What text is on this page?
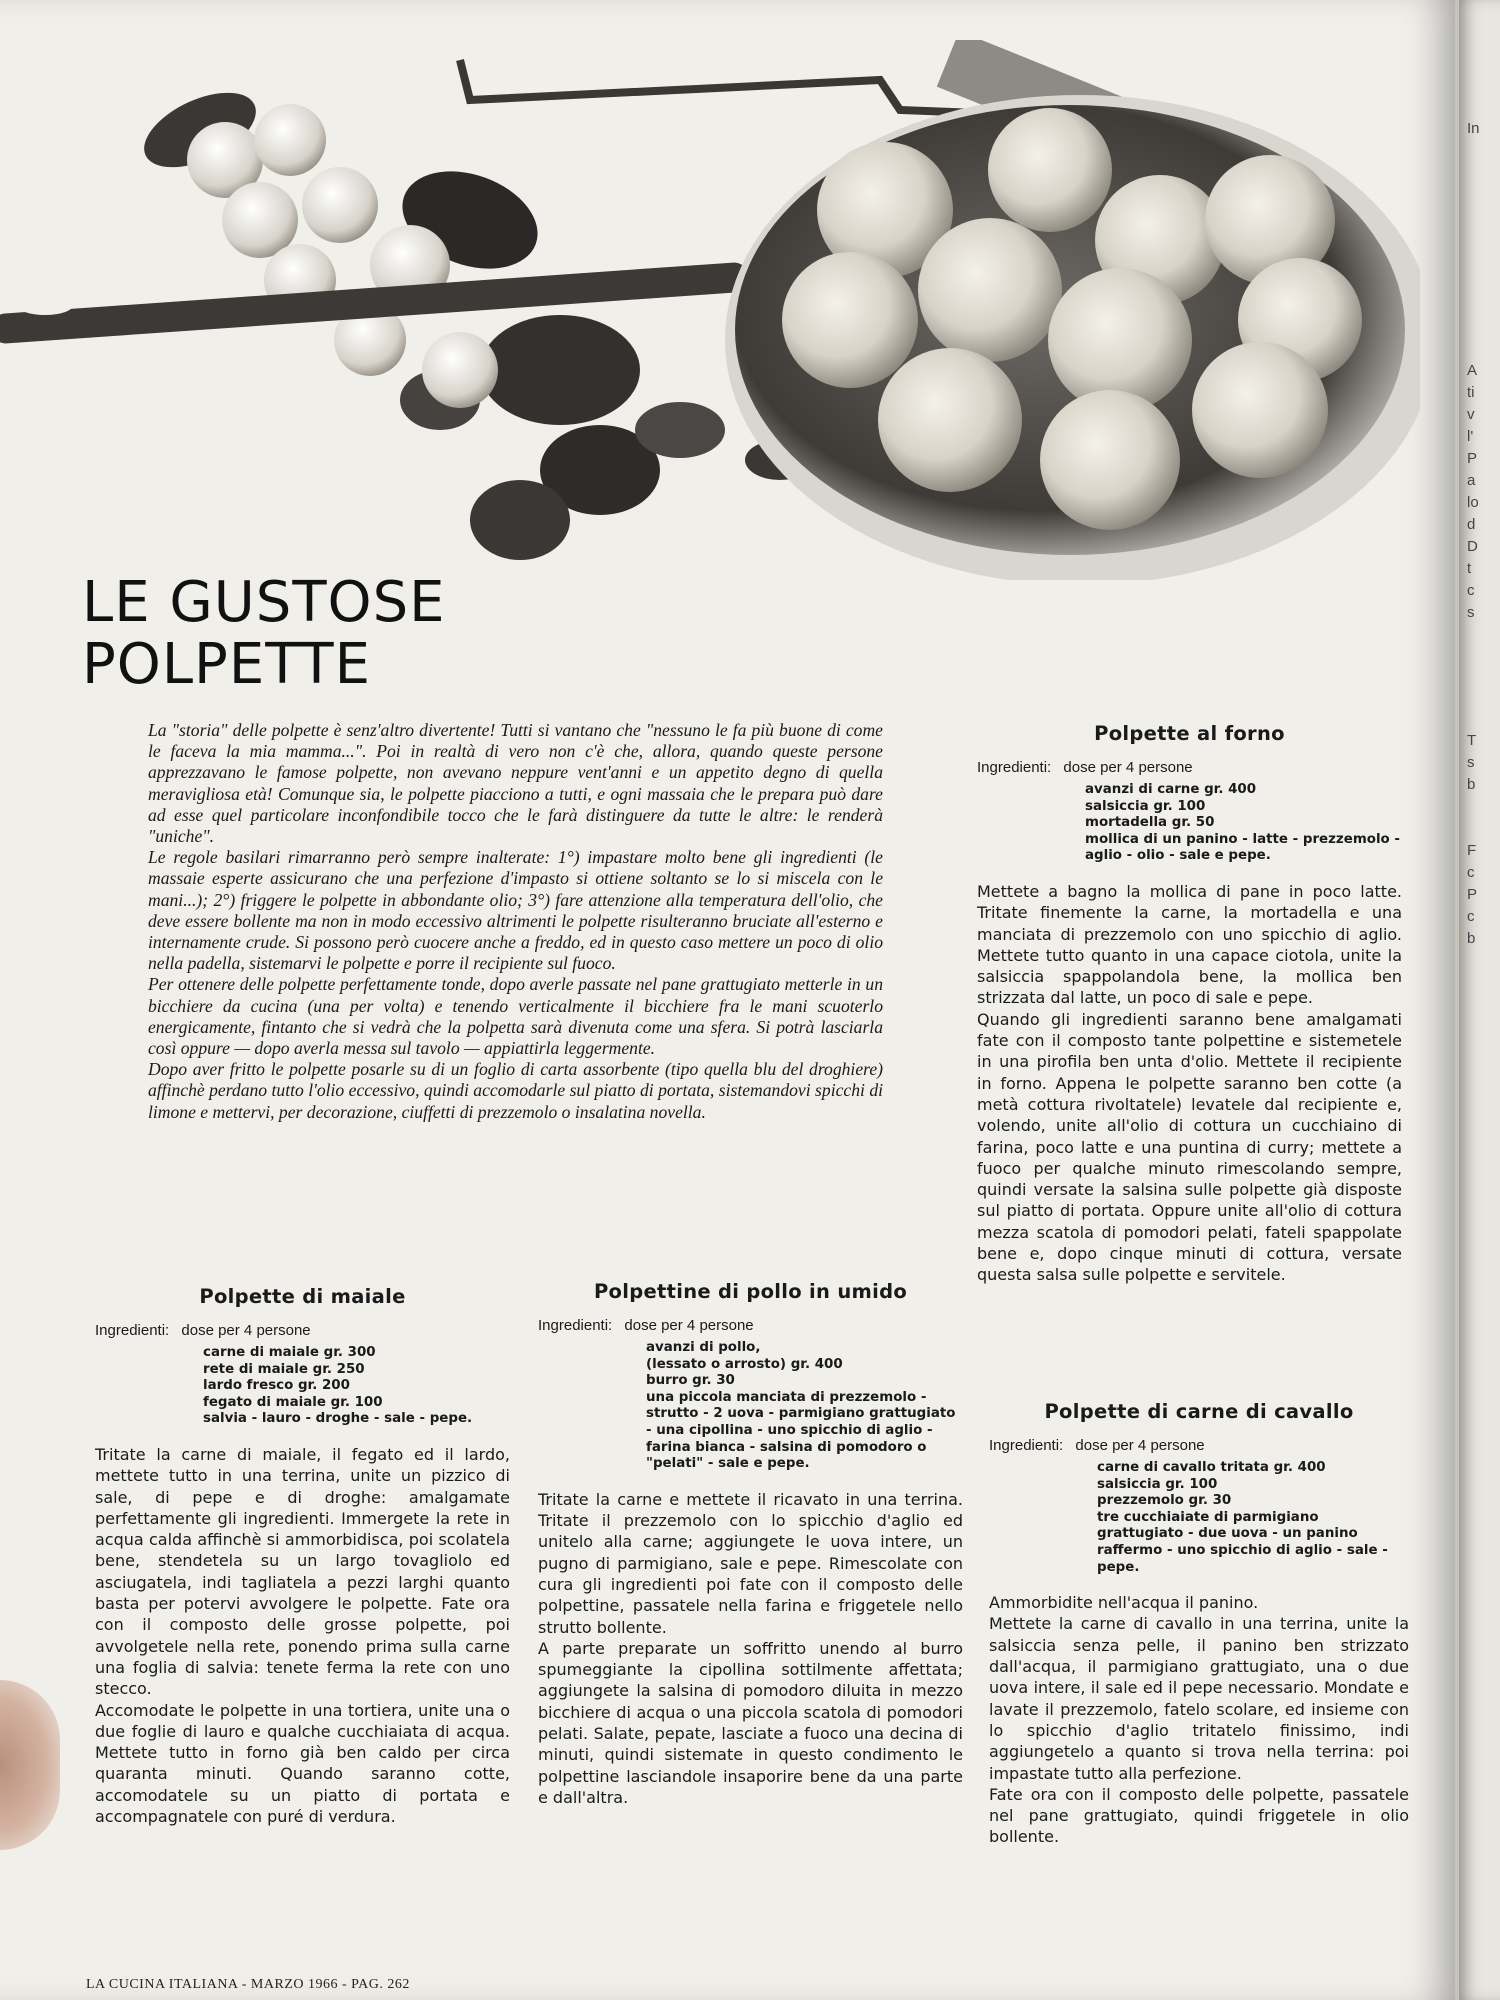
LE GUSTOSE
POLPETTE

La "storia" delle polpette è senz'altro divertente! Tutti si vantano che "nessuno le fa più buone di come le faceva la mia mamma...". Poi in realtà di vero non c'è che, allora, quando queste persone apprezzavano le famose polpette, non avevano neppure vent'anni e un appetito degno di quella meravigliosa età! Comunque sia, le polpette piacciono a tutti, e ogni massaia che le prepara può dare ad esse quel particolare inconfondibile tocco che le farà distinguere da tutte le altre: le renderà "uniche".

Le regole basilari rimarranno però sempre inalterate: 1°) impastare molto bene gli ingredienti (le massaie esperte assicurano che una perfezione d'impasto si ottiene soltanto se lo si miscela con le mani...); 2°) friggere le polpette in abbondante olio; 3°) fare attenzione alla temperatura dell'olio, che deve essere bollente ma non in modo eccessivo altrimenti le polpette risulteranno bruciate all'esterno e internamente crude. Si possono però cuocere anche a freddo, ed in questo caso mettere un poco di olio nella padella, sistemarvi le polpette e porre il recipiente sul fuoco.

Per ottenere delle polpette perfettamente tonde, dopo averle passate nel pane grattugiato metterle in un bicchiere da cucina (una per volta) e tenendo verticalmente il bicchiere fra le mani scuoterlo energicamente, fintanto che si vedrà che la polpetta sarà divenuta come una sfera. Si potrà lasciarla così oppure — dopo averla messa sul tavolo — appiattirla leggermente.

Dopo aver fritto le polpette posarle su di un foglio di carta assorbente (tipo quella blu del droghiere) affinchè perdano tutto l'olio eccessivo, quindi accomodarle sul piatto di portata, sistemandovi spicchi di limone e mettervi, per decorazione, ciuffetti di prezzemolo o insalatina novella.

Polpette al forno
Ingredienti: dose per 4 persone
avanzi di carne gr. 400
salsiccia gr. 100
mortadella gr. 50
mollica di un panino - latte - prezzemolo - aglio - olio - sale e pepe.

Mettete a bagno la mollica di pane in poco latte. Tritate finemente la carne, la mortadella e una manciata di prezzemolo con uno spicchio di aglio. Mettete tutto quanto in una capace ciotola, unite la salsiccia spappolandola bene, la mollica ben strizzata dal latte, un poco di sale e pepe.

Quando gli ingredienti saranno bene amalgamati fate con il composto tante polpettine e sistemetele in una pirofila ben unta d'olio. Mettete il recipiente in forno. Appena le polpette saranno ben cotte (a metà cottura rivoltatele) levatele dal recipiente e, volendo, unite all'olio di cottura un cucchiaino di farina, poco latte e una puntina di curry; mettete a fuoco per qualche minuto rimescolando sempre, quindi versate la salsina sulle polpette già disposte sul piatto di portata. Oppure unite all'olio di cottura mezza scatola di pomodori pelati, fateli spappolate bene e, dopo cinque minuti di cottura, versate questa salsa sulle polpette e servitele.

Polpette di carne di cavallo
Ingredienti: dose per 4 persone
carne di cavallo tritata gr. 400
salsiccia gr. 100
prezzemolo gr. 30
tre cucchiaiate di parmigiano grattugiato - due uova - un panino raffermo - uno spicchio di aglio - sale - pepe.

Ammorbidite nell'acqua il panino.

Mettete la carne di cavallo in una terrina, unite la salsiccia senza pelle, il panino ben strizzato dall'acqua, il parmigiano grattugiato, una o due uova intere, il sale ed il pepe necessario. Mondate e lavate il prezzemolo, fatelo scolare, ed insieme con lo spicchio d'aglio tritatelo finissimo, indi aggiungetelo a quanto si trova nella terrina: poi impastate tutto alla perfezione.

Fate ora con il composto delle polpette, passatele nel pane grattugiato, quindi friggetele in olio bollente.

Polpette di maiale
Ingredienti: dose per 4 persone
carne di maiale gr. 300
rete di maiale gr. 250
lardo fresco gr. 200
fegato di maiale gr. 100
salvia - lauro - droghe - sale - pepe.

Tritate la carne di maiale, il fegato ed il lardo, mettete tutto in una terrina, unite un pizzico di sale, di pepe e di droghe: amalgamate perfettamente gli ingredienti. Immergete la rete in acqua calda affinchè si ammorbidisca, poi scolatela bene, stendetela su un largo tovagliolo ed asciugatela, indi tagliatela a pezzi larghi quanto basta per potervi avvolgere le polpette. Fate ora con il composto delle grosse polpette, poi avvolgetele nella rete, ponendo prima sulla carne una foglia di salvia: tenete ferma la rete con uno stecco.

Accomodate le polpette in una tortiera, unite una o due foglie di lauro e qualche cucchiaiata di acqua. Mettete tutto in forno già ben caldo per circa quaranta minuti. Quando saranno cotte, accomodatele su un piatto di portata e accompagnatele con puré di verdura.

Polpettine di pollo in umido
Ingredienti: dose per 4 persone
avanzi di pollo,
(lessato o arrosto) gr. 400
burro gr. 30
una piccola manciata di prezzemolo - strutto - 2 uova - parmigiano grattugiato - una cipollina - uno spicchio di aglio - farina bianca - salsina di pomodoro o "pelati" - sale e pepe.

Tritate la carne e mettete il ricavato in una terrina. Tritate il prezzemolo con lo spicchio d'aglio ed unitelo alla carne; aggiungete le uova intere, un pugno di parmigiano, sale e pepe. Rimescolate con cura gli ingredienti poi fate con il composto delle polpettine, passatele nella farina e friggetele nello strutto bollente.

A parte preparate un soffritto unendo al burro spumeggiante la cipollina sottilmente affettata; aggiungete la salsina di pomodoro diluita in mezzo bicchiere di acqua o una piccola scatola di pomodori pelati. Salate, pepate, lasciate a fuoco una decina di minuti, quindi sistemate in questo condimento le polpettine lasciandole insaporire bene da una parte e dall'altra.

LA CUCINA ITALIANA - MARZO 1966 - PAG. 262
In
A
ti
v
l'
P
a
lo
d
D
t
c
s
T
s
b
F
c
P
c
b
